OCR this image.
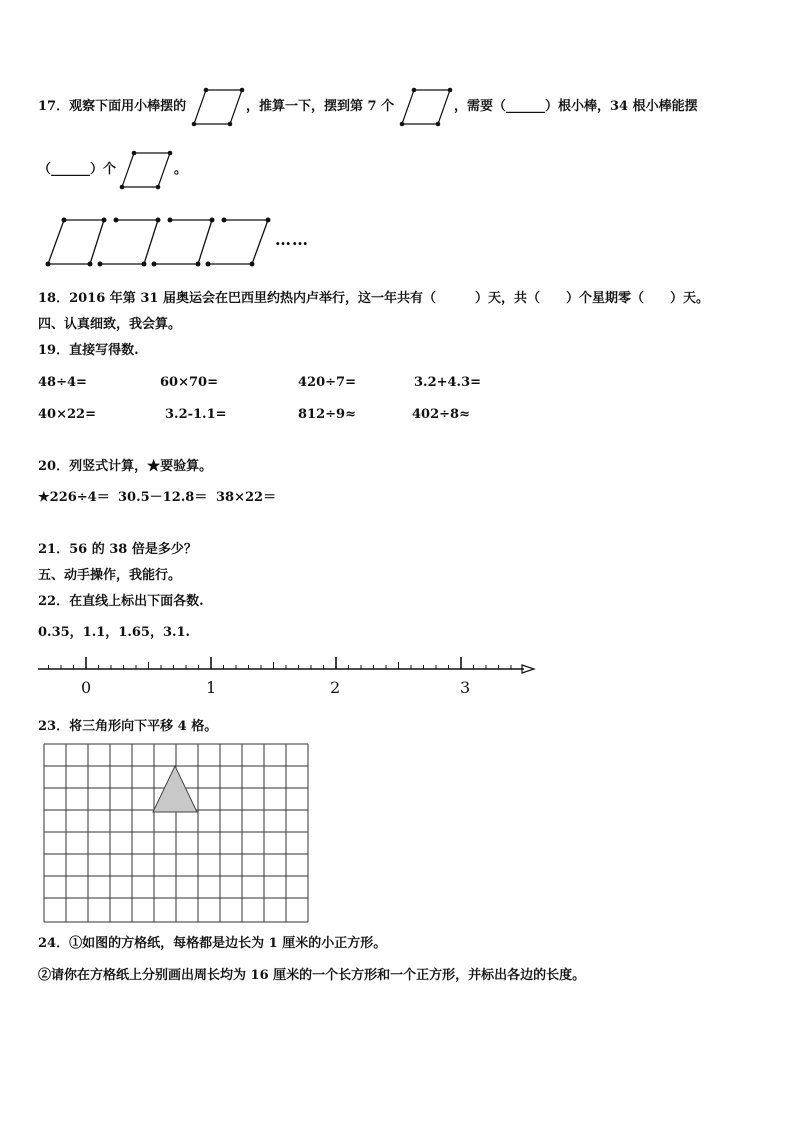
17．观察下面用小棒摆的	，推算一下，摆到第 7 个	，需要（______）根小棒，34 根小棒能摆
（______）个	。
……
18．2016 年第 31 届奥运会在巴西里约热内卢举行，这一年共有（　　　）天，共（　　）个星期零（　　）天。
四、认真细致，我会算。
19．直接写得数.
48÷4=	60×70=	420÷7=	3.2+4.3=
40×22=	3.2-1.1=	812÷9≈	402÷8≈
20．列竖式计算，★要验算。
★226÷4＝ 30.5－12.8＝ 38×22＝
21．56 的 38 倍是多少？
五、动手操作，我能行。
22．在直线上标出下面各数.
0.35，1.1，1.65，3.1.
0	1	2	3
23．将三角形向下平移 4 格。
24．①如图的方格纸，每格都是边长为 1 厘米的小正方形。
②请你在方格纸上分别画出周长均为 16 厘米的一个长方形和一个正方形，并标出各边的长度。
